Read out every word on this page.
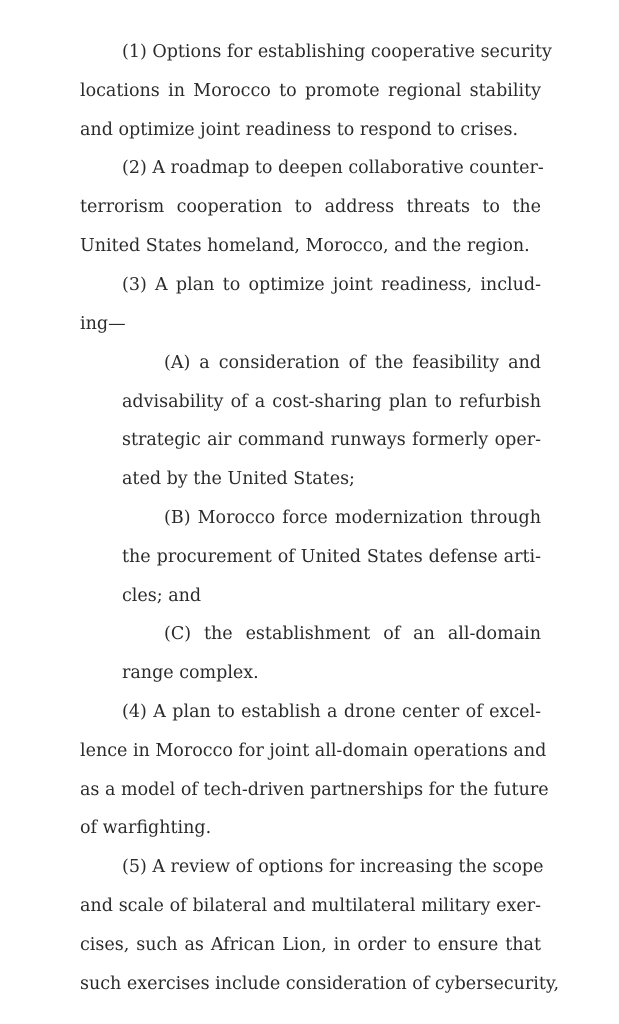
(1) Options for establishing cooperative security
locations in Morocco to promote regional stability
and optimize joint readiness to respond to crises.
(2) A roadmap to deepen collaborative counter-
terrorism cooperation to address threats to the
United States homeland, Morocco, and the region.
(3) A plan to optimize joint readiness, includ-
ing—
(A) a consideration of the feasibility and
advisability of a cost-sharing plan to refurbish
strategic air command runways formerly oper-
ated by the United States;
(B) Morocco force modernization through
the procurement of United States defense arti-
cles; and
(C) the establishment of an all-domain
range complex.
(4) A plan to establish a drone center of excel-
lence in Morocco for joint all-domain operations and
as a model of tech-driven partnerships for the future
of warfighting.
(5) A review of options for increasing the scope
and scale of bilateral and multilateral military exer-
cises, such as African Lion, in order to ensure that
such exercises include consideration of cybersecurity,
